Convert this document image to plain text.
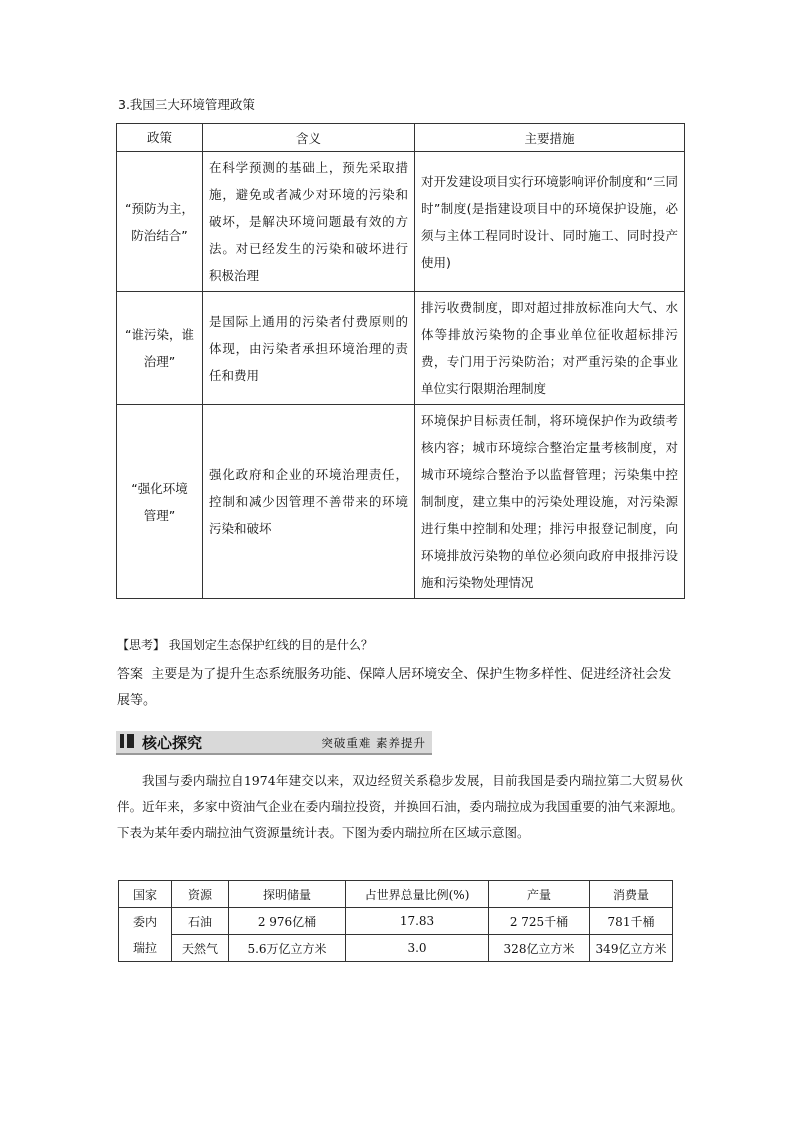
3.我国三大环境管理政策
政策	含义	主要措施

“预防为主，
防治结合”	在科学预测的基础上，预先采取措施，避免或者减少对环境的污染和破坏，是解决环境问题最有效的方法。对已经发生的污染和破坏进行积极治理	对开发建设项目实行环境影响评价制度和“三同时”制度(是指建设项目中的环境保护设施，必须与主体工程同时设计、同时施工、同时投产使用)

“谁污染，谁
治理”	是国际上通用的污染者付费原则的体现，由污染者承担环境治理的责任和费用	排污收费制度，即对超过排放标准向大气、水体等排放污染物的企事业单位征收超标排污费，专门用于污染防治；对严重污染的企事业单位实行限期治理制度

“强化环境
管理”	强化政府和企业的环境治理责任，控制和减少因管理不善带来的环境污染和破坏	环境保护目标责任制，将环境保护作为政绩考核内容；城市环境综合整治定量考核制度，对城市环境综合整治予以监督管理；污染集中控制制度，建立集中的污染处理设施，对污染源进行集中控制和处理；排污申报登记制度，向环境排放污染物的单位必须向政府申报排污设施和污染物处理情况
【思考】 我国划定生态保护红线的目的是什么？
答案 主要是为了提升生态系统服务功能、保障人居环境安全、保护生物多样性、促进经济社会发展等。
核心探究	突破重难 素养提升
我国与委内瑞拉自1974年建交以来，双边经贸关系稳步发展，目前我国是委内瑞拉第二大贸易伙伴。近年来，多家中资油气企业在委内瑞拉投资，并换回石油，委内瑞拉成为我国重要的油气来源地。下表为某年委内瑞拉油气资源量统计表。下图为委内瑞拉所在区域示意图。
国家	资源	探明储量	占世界总量比例(%)	产量	消费量

委内
瑞拉	石油	2 976亿桶	17.83	2 725千桶	781千桶
	天然气	5.6万亿立方米	3.0	328亿立方米	349亿立方米
